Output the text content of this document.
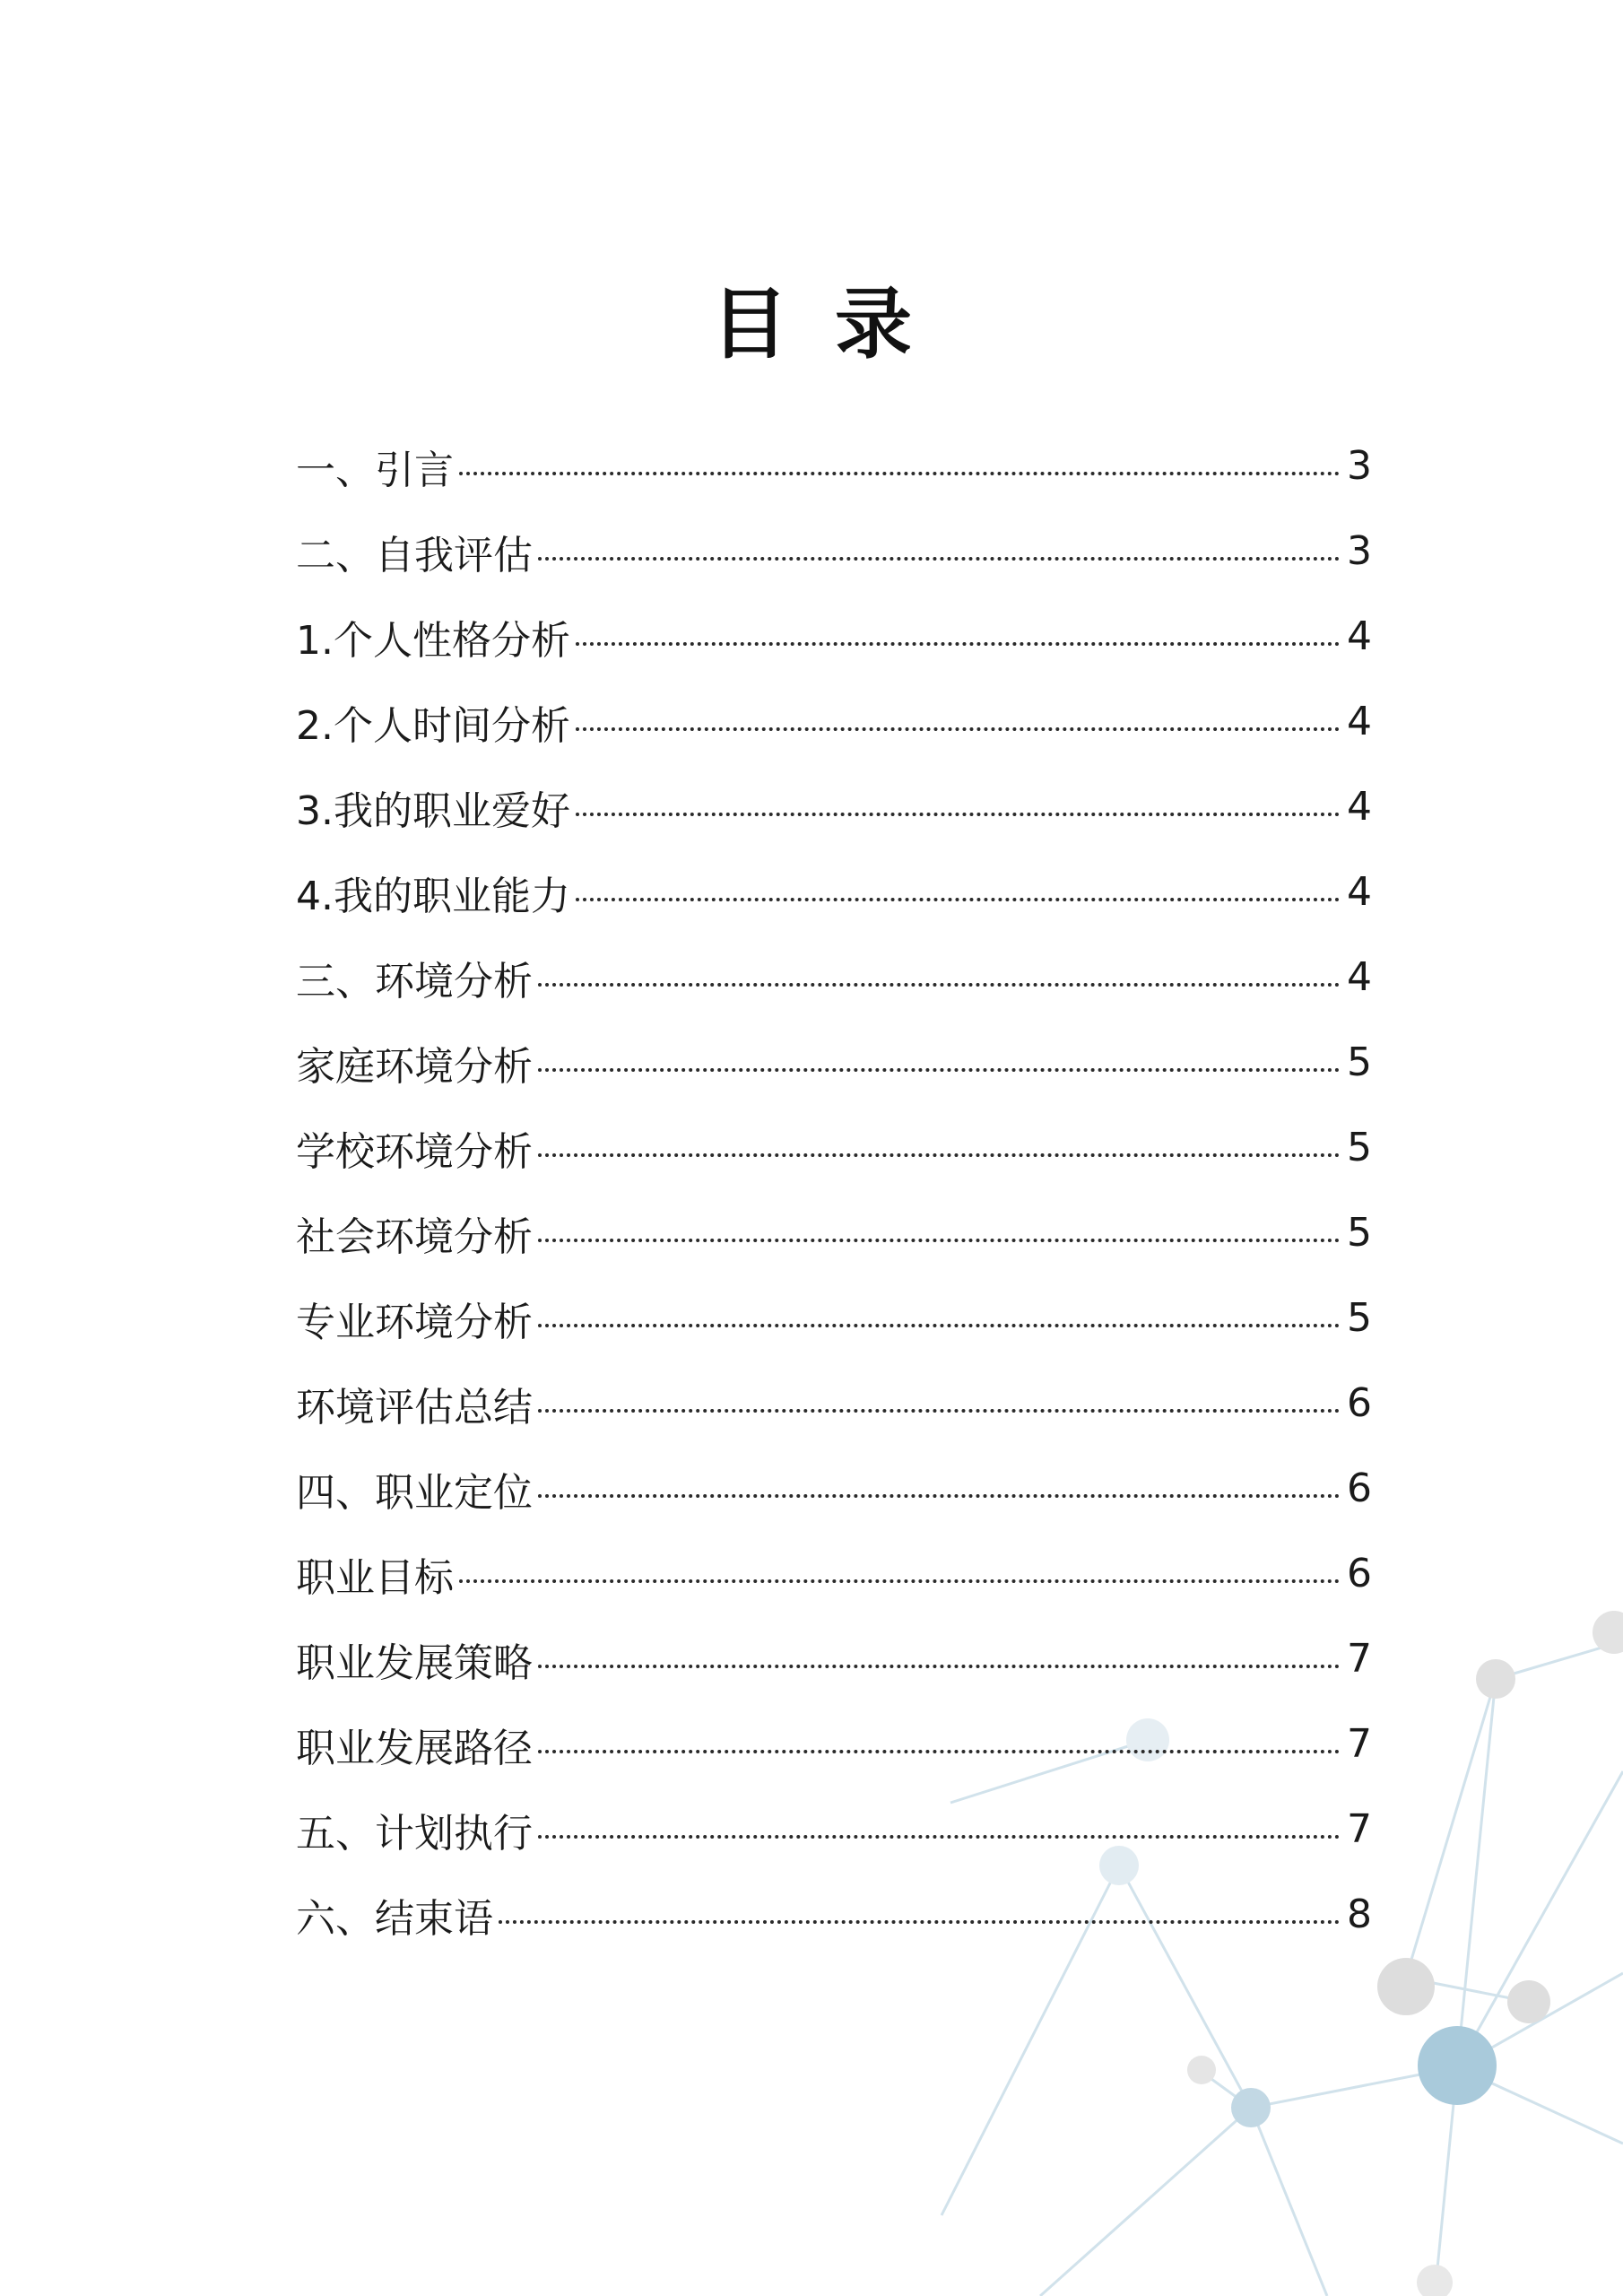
目 录
一、引言	3
二、自我评估	3
1.个人性格分析	4
2.个人时间分析	4
3.我的职业爱好	4
4.我的职业能力	4
三、环境分析	4
家庭环境分析	5
学校环境分析	5
社会环境分析	5
专业环境分析	5
环境评估总结	6
四、职业定位	6
职业目标	6
职业发展策略	7
职业发展路径	7
五、计划执行	7
六、结束语	8
